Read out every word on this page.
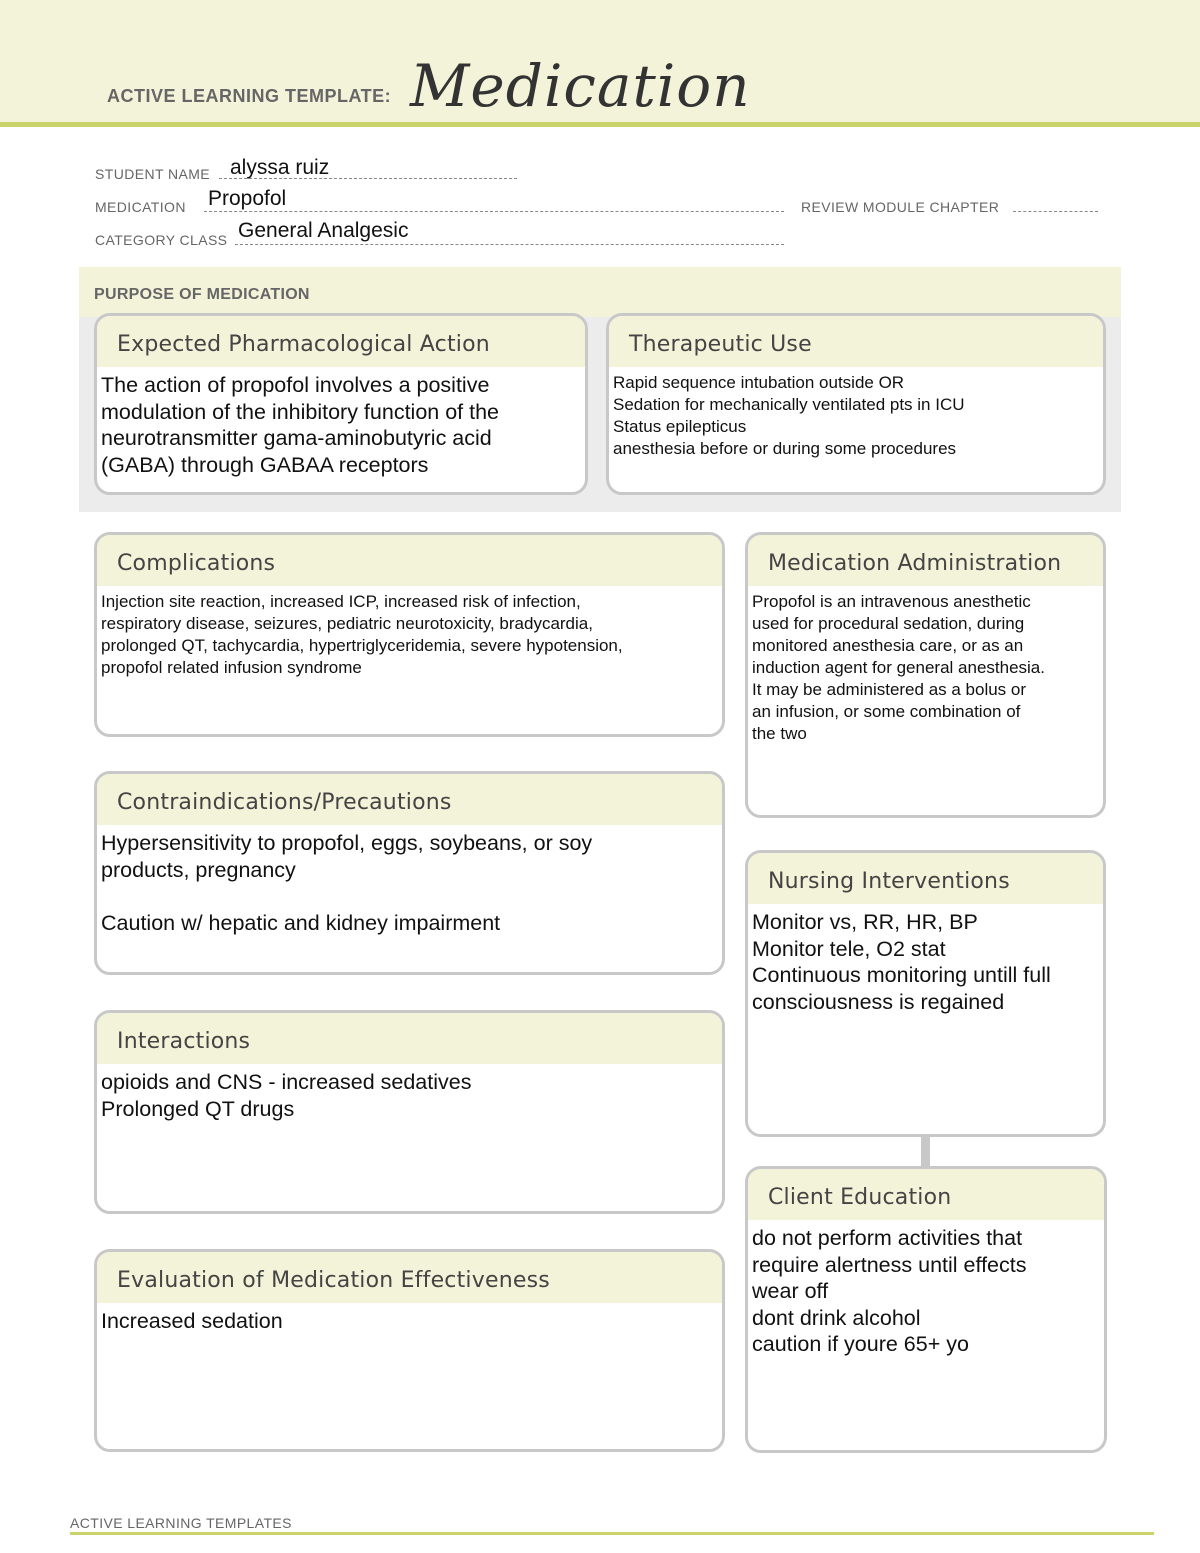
ACTIVE LEARNING TEMPLATE: Medication
STUDENT NAME alyssa ruiz
MEDICATION Propofol	REVIEW MODULE CHAPTER
CATEGORY CLASS General Analgesic
PURPOSE OF MEDICATION
Expected Pharmacological Action
The action of propofol involves a positive
modulation of the inhibitory function of the
neurotransmitter gama-aminobutyric acid
(GABA) through GABAA receptors
Therapeutic Use
Rapid sequence intubation outside OR
Sedation for mechanically ventilated pts in ICU
Status epilepticus
anesthesia before or during some procedures
Complications
Injection site reaction, increased ICP, increased risk of infection,
respiratory disease, seizures, pediatric neurotoxicity, bradycardia,
prolonged QT, tachycardia, hypertriglyceridemia, severe hypotension,
propofol related infusion syndrome
Contraindications/Precautions
Hypersensitivity to propofol, eggs, soybeans, or soy
products, pregnancy

Caution w/ hepatic and kidney impairment
Interactions
opioids and CNS - increased sedatives
Prolonged QT drugs
Evaluation of Medication Effectiveness
Increased sedation
Medication Administration
Propofol is an intravenous anesthetic
used for procedural sedation, during
monitored anesthesia care, or as an
induction agent for general anesthesia.
It may be administered as a bolus or
an infusion, or some combination of
the two
Nursing Interventions
Monitor vs, RR, HR, BP
Monitor tele, O2 stat
Continuous monitoring untill full
consciousness is regained
Client Education
do not perform activities that
require alertness until effects
wear off
dont drink alcohol
caution if youre 65+ yo
ACTIVE LEARNING TEMPLATES
